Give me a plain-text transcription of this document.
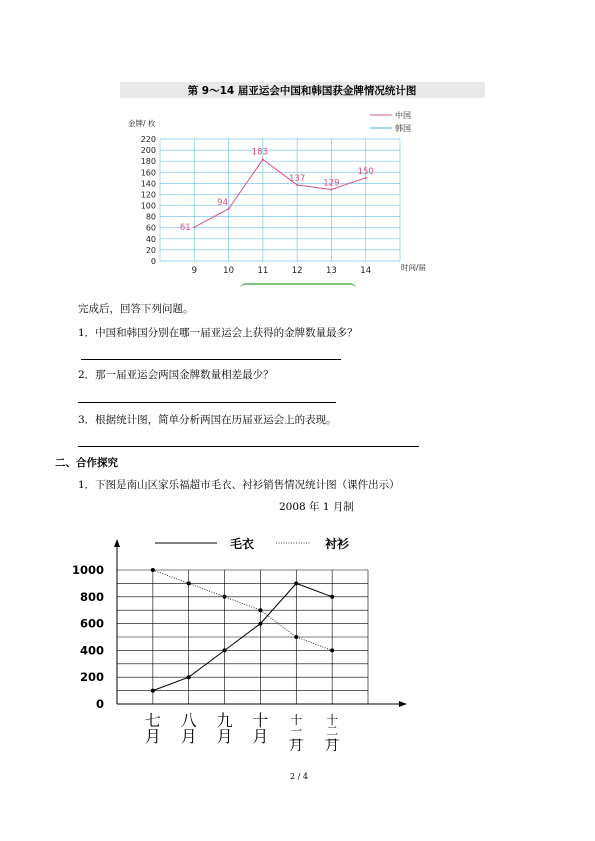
第 9～14 届亚运会中国和韩国获金牌情况统计图
金牌/ 枚
时间/届
中国
韩国
0
20
40
60
80
100
120
140
160
180
200
220
9	10	11	12	13	14
61
94
183
137 129
150
完成后，回答下列问题。
1．中国和韩国分别在哪一届亚运会上获得的金牌数量最多？
2．那一届亚运会两国金牌数量相差最少？
3．根据统计图，简单分析两国在历届亚运会上的表现。
二、合作探究
1．下图是南山区家乐福超市毛衣、衬衫销售情况统计图（课件出示）
2008 年 1 月制
毛衣	衬衫
0
200
400
600
800
1000
七
月
八
月
九
月
十
月
十
一
月
十
二
月
2 / 4
